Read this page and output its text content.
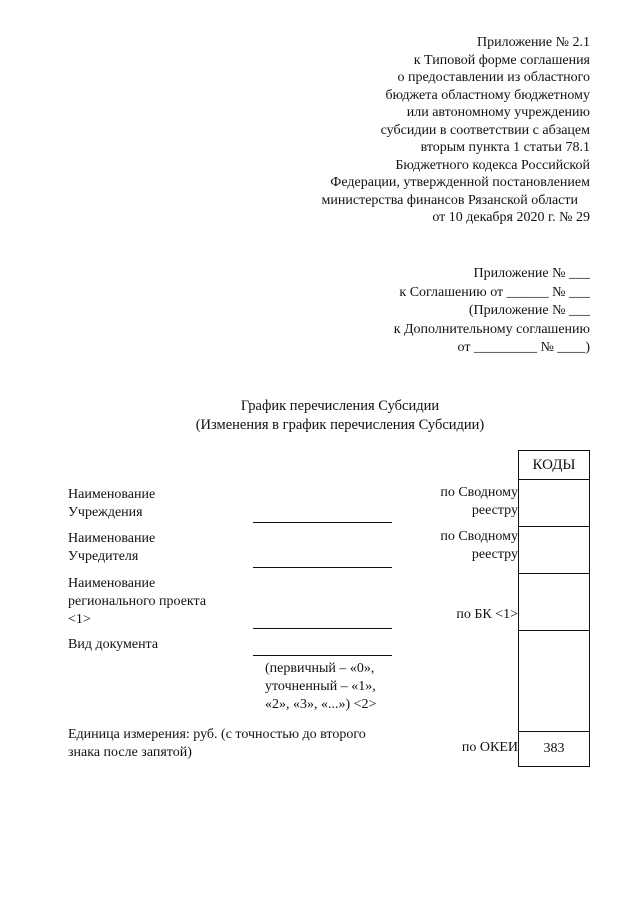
Приложение № 2.1
к Типовой форме соглашения
о предоставлении из областного
бюджета областному бюджетному
или автономному учреждению
субсидии в соответствии с абзацем
вторым пункта 1 статьи 78.1
Бюджетного кодекса Российской
Федерации, утвержденной постановлением
министерства финансов Рязанской области
от 10 декабря 2020 г. № 29
Приложение № ___
к Соглашению от ______ № ___
(Приложение № ___
к Дополнительному соглашению
от _________ № ____)
График перечисления Субсидии
(Изменения в график перечисления Субсидии)
КОДЫ
383
Наименование
Учреждения
Наименование
Учредителя
Наименование
регионального проекта
<1>
Вид документа
(первичный – «0»,
уточненный – «1»,
«2», «3», «...») <2>
Единица измерения: руб. (с точностью до второго
знака после запятой)
по Сводному
реестру
по Сводному
реестру
по БК <1>
по ОКЕИ
